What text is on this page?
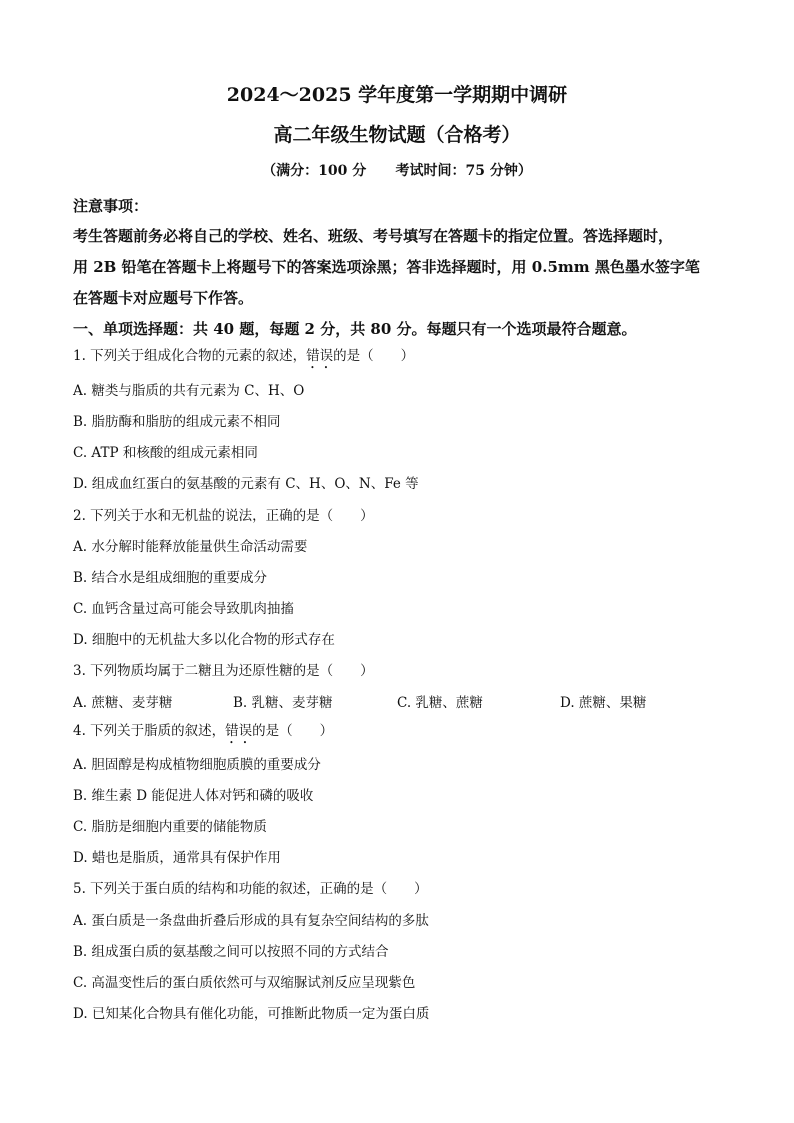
2024～2025 学年度第一学期期中调研
高二年级生物试题（合格考）
（满分：100 分      考试时间：75 分钟）
注意事项：
考生答题前务必将自己的学校、姓名、班级、考号填写在答题卡的指定位置。答选择题时，
用 2B 铅笔在答题卡上将题号下的答案选项涂黑；答非选择题时，用 0.5mm 黑色墨水签字笔
在答题卡对应题号下作答。
一、单项选择题：共 40 题，每题 2 分，共 80 分。每题只有一个选项最符合题意。
1. 下列关于组成化合物的元素的叙述，错误的是（　　）
A. 糖类与脂质的共有元素为 C、H、O
B. 脂肪酶和脂肪的组成元素不相同
C. ATP 和核酸的组成元素相同
D. 组成血红蛋白的氨基酸的元素有 C、H、O、N、Fe 等
2. 下列关于水和无机盐的说法，正确的是（　　）
A. 水分解时能释放能量供生命活动需要
B. 结合水是组成细胞的重要成分
C. 血钙含量过高可能会导致肌肉抽搐
D. 细胞中的无机盐大多以化合物的形式存在
3. 下列物质均属于二糖且为还原性糖的是（　　）
A. 蔗糖、麦芽糖	B. 乳糖、麦芽糖	C. 乳糖、蔗糖	D. 蔗糖、果糖
4. 下列关于脂质的叙述，错误的是（　　）
A. 胆固醇是构成植物细胞质膜的重要成分
B. 维生素 D 能促进人体对钙和磷的吸收
C. 脂肪是细胞内重要的储能物质
D. 蜡也是脂质，通常具有保护作用
5. 下列关于蛋白质的结构和功能的叙述，正确的是（　　）
A. 蛋白质是一条盘曲折叠后形成的具有复杂空间结构的多肽
B. 组成蛋白质的氨基酸之间可以按照不同的方式结合
C. 高温变性后的蛋白质依然可与双缩脲试剂反应呈现紫色
D. 已知某化合物具有催化功能，可推断此物质一定为蛋白质
